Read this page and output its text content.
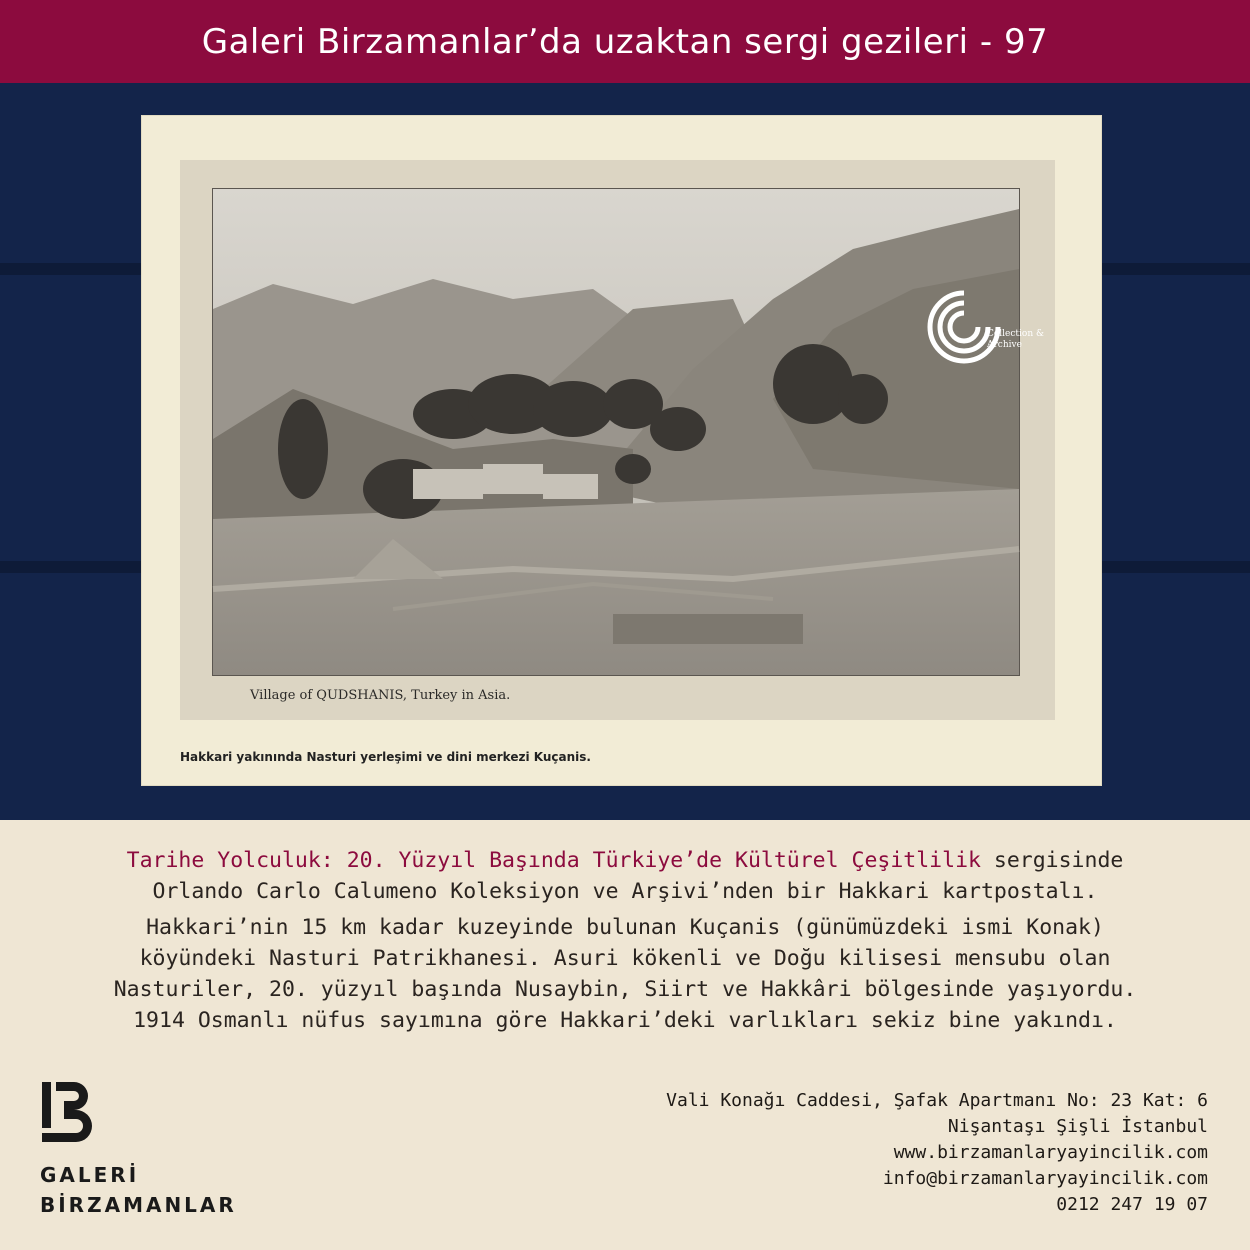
Galeri Birzamanlar’da uzaktan sergi gezileri - 97
Collection &
Archive
Village of QUDSHANIS, Turkey in Asia.
Hakkari yakınında Nasturi yerleşimi ve dini merkezi Kuçanis.
Tarihe Yolculuk: 20. Yüzyıl Başında Türkiye’de Kültürel Çeşitlilik sergisinde
Orlando Carlo Calumeno Koleksiyon ve Arşivi’nden bir Hakkari kartpostalı.
Hakkari’nin 15 km kadar kuzeyinde bulunan Kuçanis (günümüzdeki ismi Konak)
köyündeki Nasturi Patrikhanesi. Asuri kökenli ve Doğu kilisesi mensubu olan
Nasturiler, 20. yüzyıl başında Nusaybin, Siirt ve Hakkâri bölgesinde yaşıyordu.
1914 Osmanlı nüfus sayımına göre Hakkari’deki varlıkları sekiz bine yakındı.
GALERİ
BİRZAMANLAR
Vali Konağı Caddesi, Şafak Apartmanı No: 23 Kat: 6
Nişantaşı Şişli İstanbul
www.birzamanlaryayincilik.com
info@birzamanlaryayincilik.com
0212 247 19 07
